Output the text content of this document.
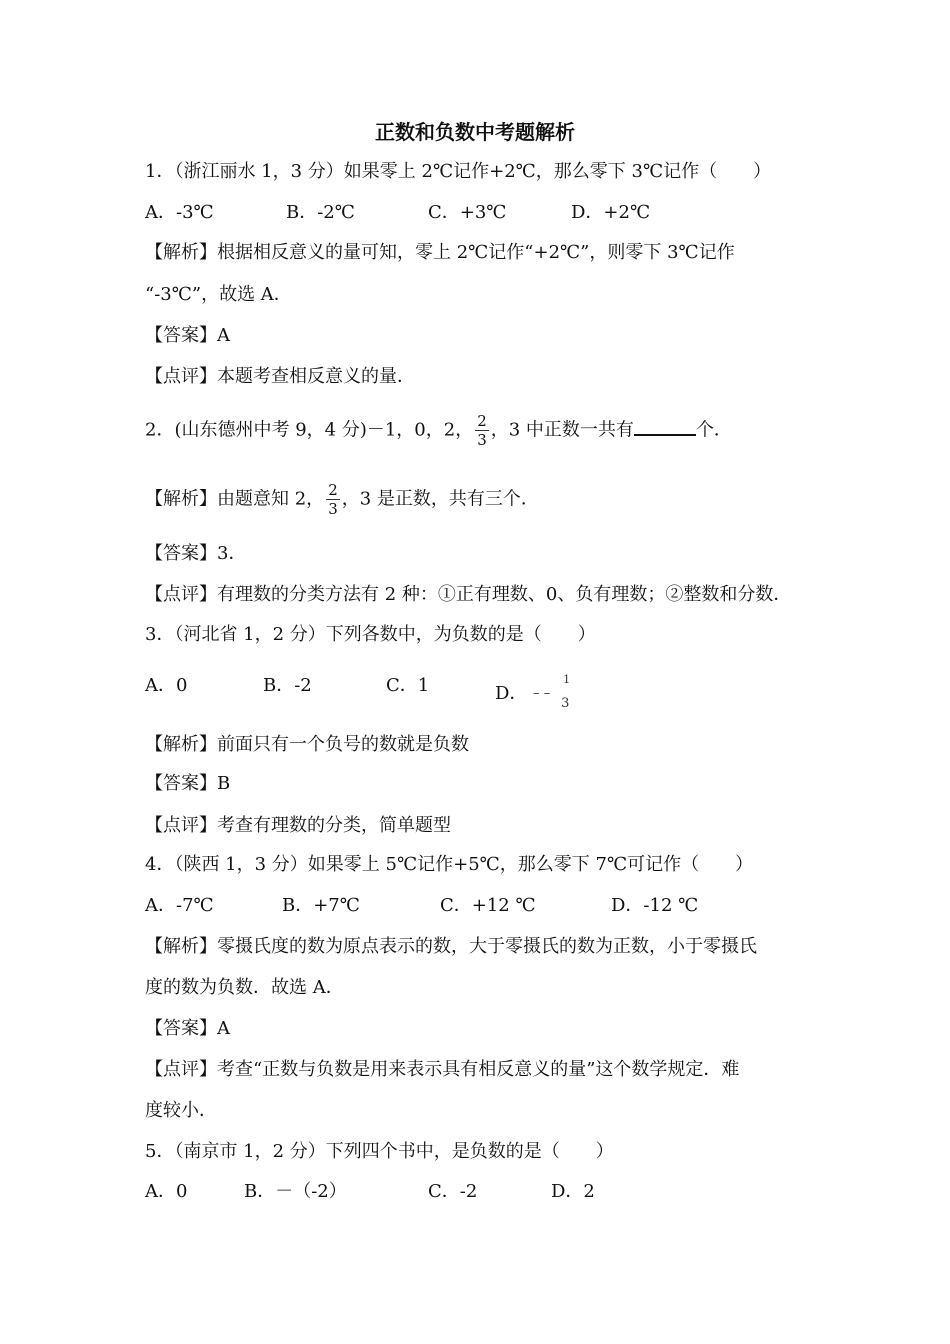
正数和负数中考题解析
1．（浙江丽水 1，3 分）如果零上 2℃记作+2℃，那么零下 3℃记作（　　）
A．-3℃	B．-2℃	C．+3℃	D．+2℃
【解析】根据相反意义的量可知，零上 2℃记作“+2℃”，则零下 3℃记作
“-3℃”，故选 A．
【答案】A
【点评】本题考查相反意义的量．
2．(山东德州中考 9，4 分)－1，0，2， $\frac{2}{3}$ ，3 中正数一共有	个．
【解析】由题意知 2， $\frac{2}{3}$ ，3 是正数，共有三个．
【答案】3．
【点评】有理数的分类方法有 2 种：①正有理数、0、负有理数；②整数和分数．
3．（河北省 1，2 分）下列各数中，为负数的是（　　）
A．0	B．-2	C．1	D． – –
1
3
【解析】前面只有一个负号的数就是负数
【答案】B
【点评】考查有理数的分类，简单题型
4．（陕西 1，3 分）如果零上 5℃记作+5℃，那么零下 7℃可记作（　　）
A．-7℃	B．+7℃	C．+12 ℃	D．-12 ℃
【解析】零摄氏度的数为原点表示的数，大于零摄氏的数为正数，小于零摄氏
度的数为负数．故选 A．
【答案】A
【点评】考查“正数与负数是用来表示具有相反意义的量”这个数学规定．难
度较小．
5．（南京市 1，2 分）下列四个书中，是负数的是（　　）
A．0	B．－（-2）	C．-2	D．2
